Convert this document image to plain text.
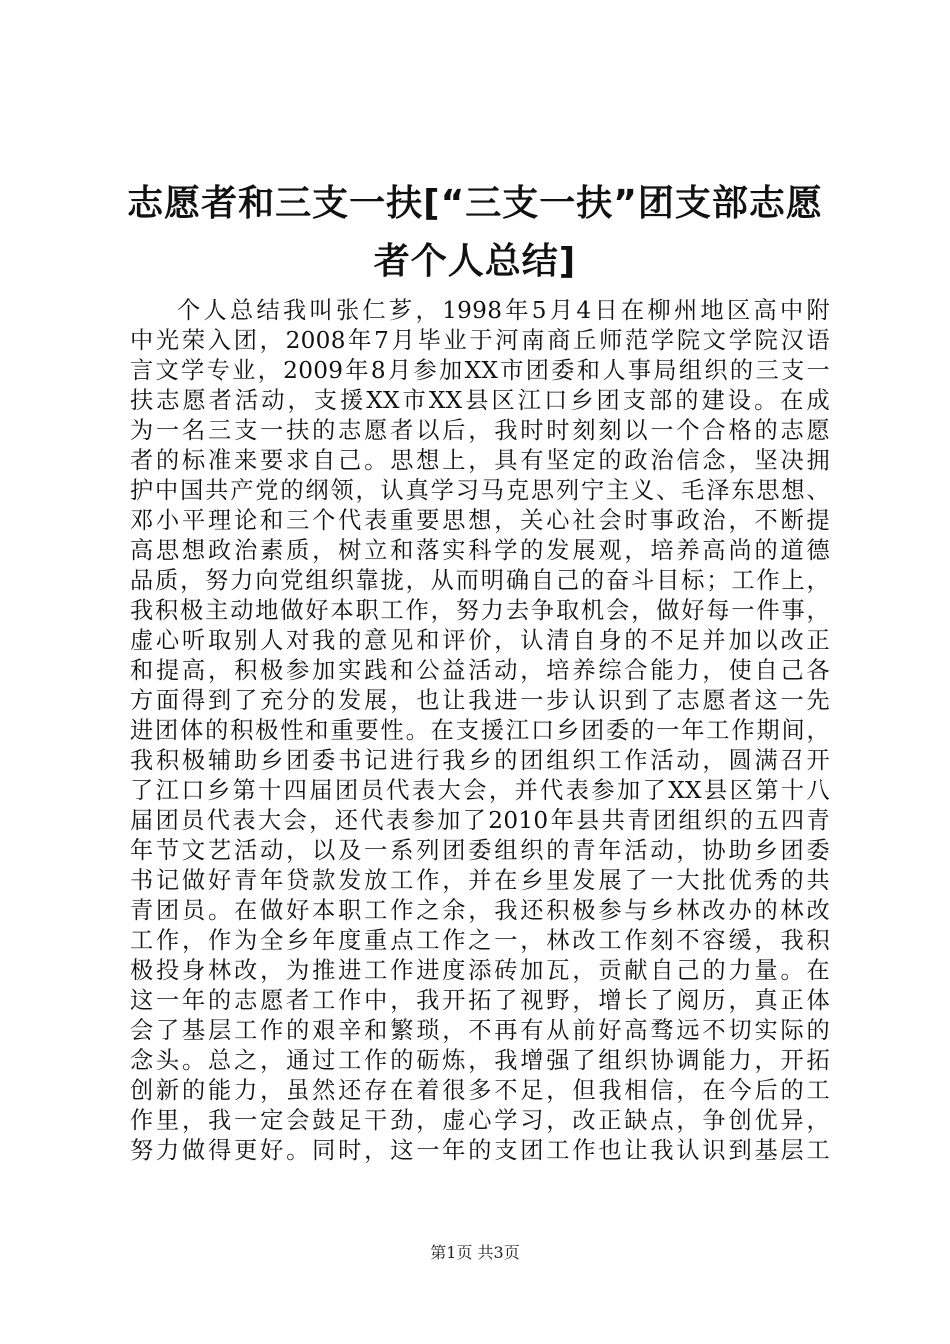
志愿者和三支一扶[“三支一扶”团支部志愿
者个人总结]
个人总结我叫张仁芗，1998年5月4日在柳州地区高中附
中光荣入团，2008年7月毕业于河南商丘师范学院文学院汉语
言文学专业，2009年8月参加XX市团委和人事局组织的三支一
扶志愿者活动，支援XX市XX县区江口乡团支部的建设。在成
为一名三支一扶的志愿者以后，我时时刻刻以一个合格的志愿
者的标准来要求自己。思想上，具有坚定的政治信念，坚决拥
护中国共产党的纲领，认真学习马克思列宁主义、毛泽东思想、
邓小平理论和三个代表重要思想，关心社会时事政治，不断提
高思想政治素质，树立和落实科学的发展观，培养高尚的道德
品质，努力向党组织靠拢，从而明确自己的奋斗目标；工作上，
我积极主动地做好本职工作，努力去争取机会，做好每一件事，
虚心听取别人对我的意见和评价，认清自身的不足并加以改正
和提高，积极参加实践和公益活动，培养综合能力，使自己各
方面得到了充分的发展，也让我进一步认识到了志愿者这一先
进团体的积极性和重要性。在支援江口乡团委的一年工作期间，
我积极辅助乡团委书记进行我乡的团组织工作活动，圆满召开
了江口乡第十四届团员代表大会，并代表参加了XX县区第十八
届团员代表大会，还代表参加了2010年县共青团组织的五四青
年节文艺活动，以及一系列团委组织的青年活动，协助乡团委
书记做好青年贷款发放工作，并在乡里发展了一大批优秀的共
青团员。在做好本职工作之余，我还积极参与乡林改办的林改
工作，作为全乡年度重点工作之一，林改工作刻不容缓，我积
极投身林改，为推进工作进度添砖加瓦，贡献自己的力量。在
这一年的志愿者工作中，我开拓了视野，增长了阅历，真正体
会了基层工作的艰辛和繁琐，不再有从前好高骛远不切实际的
念头。总之，通过工作的砺炼，我增强了组织协调能力，开拓
创新的能力，虽然还存在着很多不足，但我相信，在今后的工
作里，我一定会鼓足干劲，虚心学习，改正缺点，争创优异，
努力做得更好。同时，这一年的支团工作也让我认识到基层工
第1页 共3页
